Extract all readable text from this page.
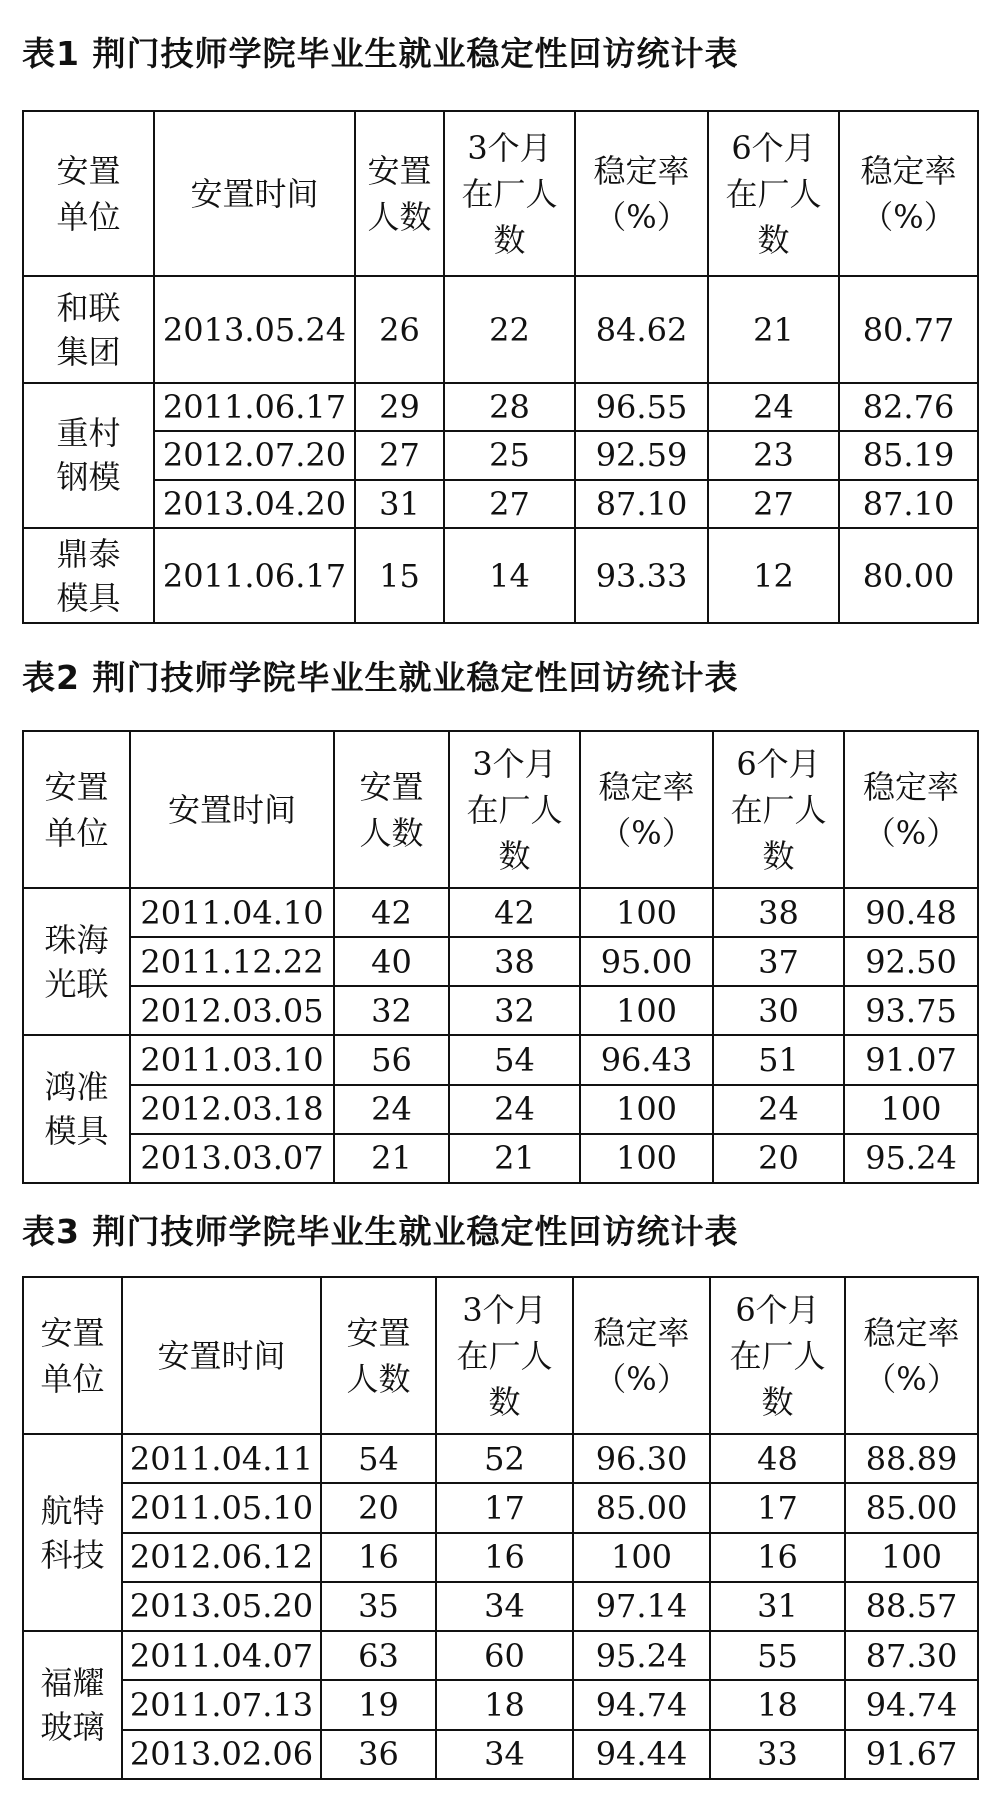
表1 荆门技师学院毕业生就业稳定性回访统计表
安置单位	安置时间	安置人数	3个月在厂人数	稳定率（%）	6个月在厂人数	稳定率（%）

和联集团	2013.05.24	26	22	84.62	21	80.77

重村钢模	2011.06.17	29	28	96.55	24	82.76
	2012.07.20	27	25	92.59	23	85.19
	2013.04.20	31	27	87.10	27	87.10

鼎泰模具	2011.06.17	15	14	93.33	12	80.00
表2 荆门技师学院毕业生就业稳定性回访统计表
安置单位	安置时间	安置人数	3个月在厂人数	稳定率（%）	6个月在厂人数	稳定率（%）

珠海光联	2011.04.10	42	42	100	38	90.48
	2011.12.22	40	38	95.00	37	92.50
	2012.03.05	32	32	100	30	93.75

鸿准模具	2011.03.10	56	54	96.43	51	91.07
	2012.03.18	24	24	100	24	100
	2013.03.07	21	21	100	20	95.24
表3 荆门技师学院毕业生就业稳定性回访统计表
安置单位	安置时间	安置人数	3个月在厂人数	稳定率（%）	6个月在厂人数	稳定率（%）

航特科技	2011.04.11	54	52	96.30	48	88.89
	2011.05.10	20	17	85.00	17	85.00
	2012.06.12	16	16	100	16	100
	2013.05.20	35	34	97.14	31	88.57

福耀玻璃	2011.04.07	63	60	95.24	55	87.30
	2011.07.13	19	18	94.74	18	94.74
	2013.02.06	36	34	94.44	33	91.67
